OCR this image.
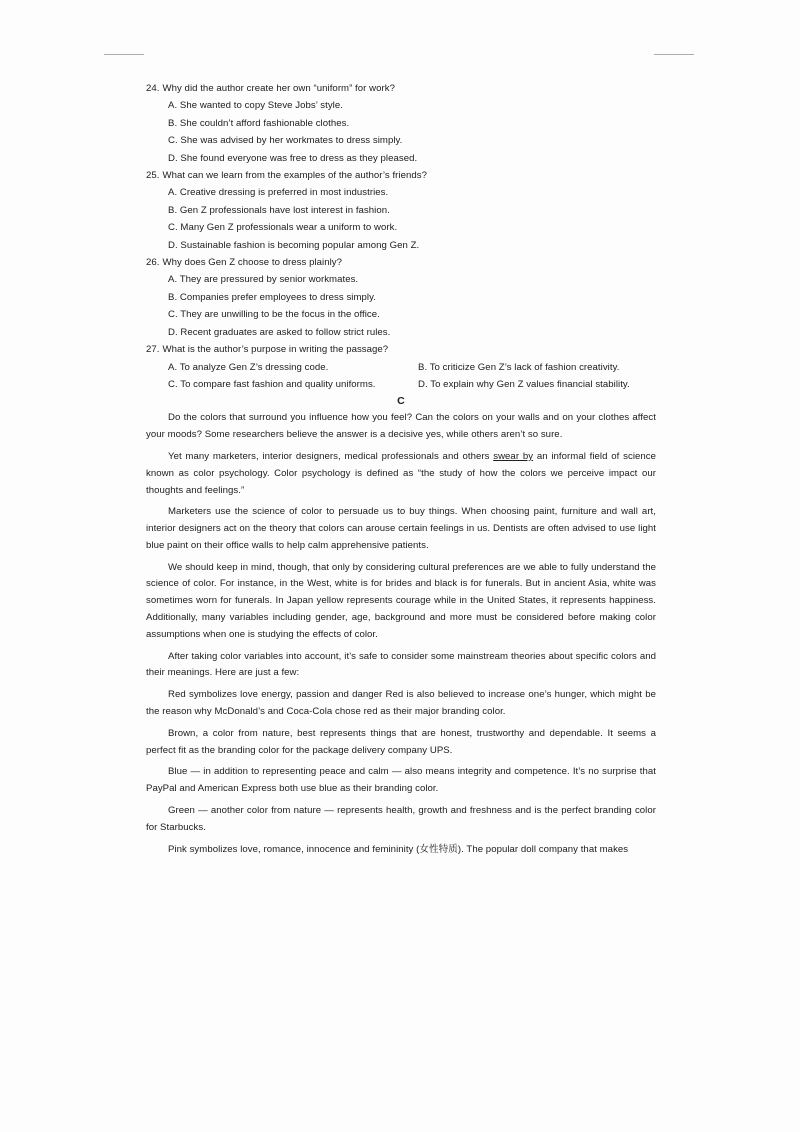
24. Why did the author create her own “uniform” for work?

A. She wanted to copy Steve Jobs’ style.
B. She couldn’t afford fashionable clothes.
C. She was advised by her workmates to dress simply.
D. She found everyone was free to dress as they pleased.

25. What can we learn from the examples of the author’s friends?

A. Creative dressing is preferred in most industries.
B. Gen Z professionals have lost interest in fashion.
C. Many Gen Z professionals wear a uniform to work.
D. Sustainable fashion is becoming popular among Gen Z.

26. Why does Gen Z choose to dress plainly?

A. They are pressured by senior workmates.
B. Companies prefer employees to dress simply.
C. They are unwilling to be the focus in the office.
D. Recent graduates are asked to follow strict rules.

27. What is the author’s purpose in writing the passage?

A. To analyze Gen Z’s dressing code.	B. To criticize Gen Z’s lack of fashion creativity.
C. To compare fast fashion and quality uniforms.	D. To explain why Gen Z values financial stability.

C

Do the colors that surround you influence how you feel? Can the colors on your walls and on your clothes affect your moods? Some researchers believe the answer is a decisive yes, while others aren’t so sure.

Yet many marketers, interior designers, medical professionals and others swear by an informal field of science known as color psychology. Color psychology is defined as “the study of how the colors we perceive impact our thoughts and feelings.”

Marketers use the science of color to persuade us to buy things. When choosing paint, furniture and wall art, interior designers act on the theory that colors can arouse certain feelings in us. Dentists are often advised to use light blue paint on their office walls to help calm apprehensive patients.

We should keep in mind, though, that only by considering cultural preferences are we able to fully understand the science of color. For instance, in the West, white is for brides and black is for funerals. But in ancient Asia, white was sometimes worn for funerals. In Japan yellow represents courage while in the United States, it represents happiness. Additionally, many variables including gender, age, background and more must be considered before making color assumptions when one is studying the effects of color.

After taking color variables into account, it’s safe to consider some mainstream theories about specific colors and their meanings. Here are just a few:

Red symbolizes love energy, passion and danger Red is also believed to increase one’s hunger, which might be the reason why McDonald’s and Coca-Cola chose red as their major branding color.

Brown, a color from nature, best represents things that are honest, trustworthy and dependable. It seems a perfect fit as the branding color for the package delivery company UPS.

Blue — in addition to representing peace and calm — also means integrity and competence. It’s no surprise that PayPal and American Express both use blue as their branding color.

Green — another color from nature — represents health, growth and freshness and is the perfect branding color for Starbucks.

Pink symbolizes love, romance, innocence and femininity (女性特质). The popular doll company that makes
